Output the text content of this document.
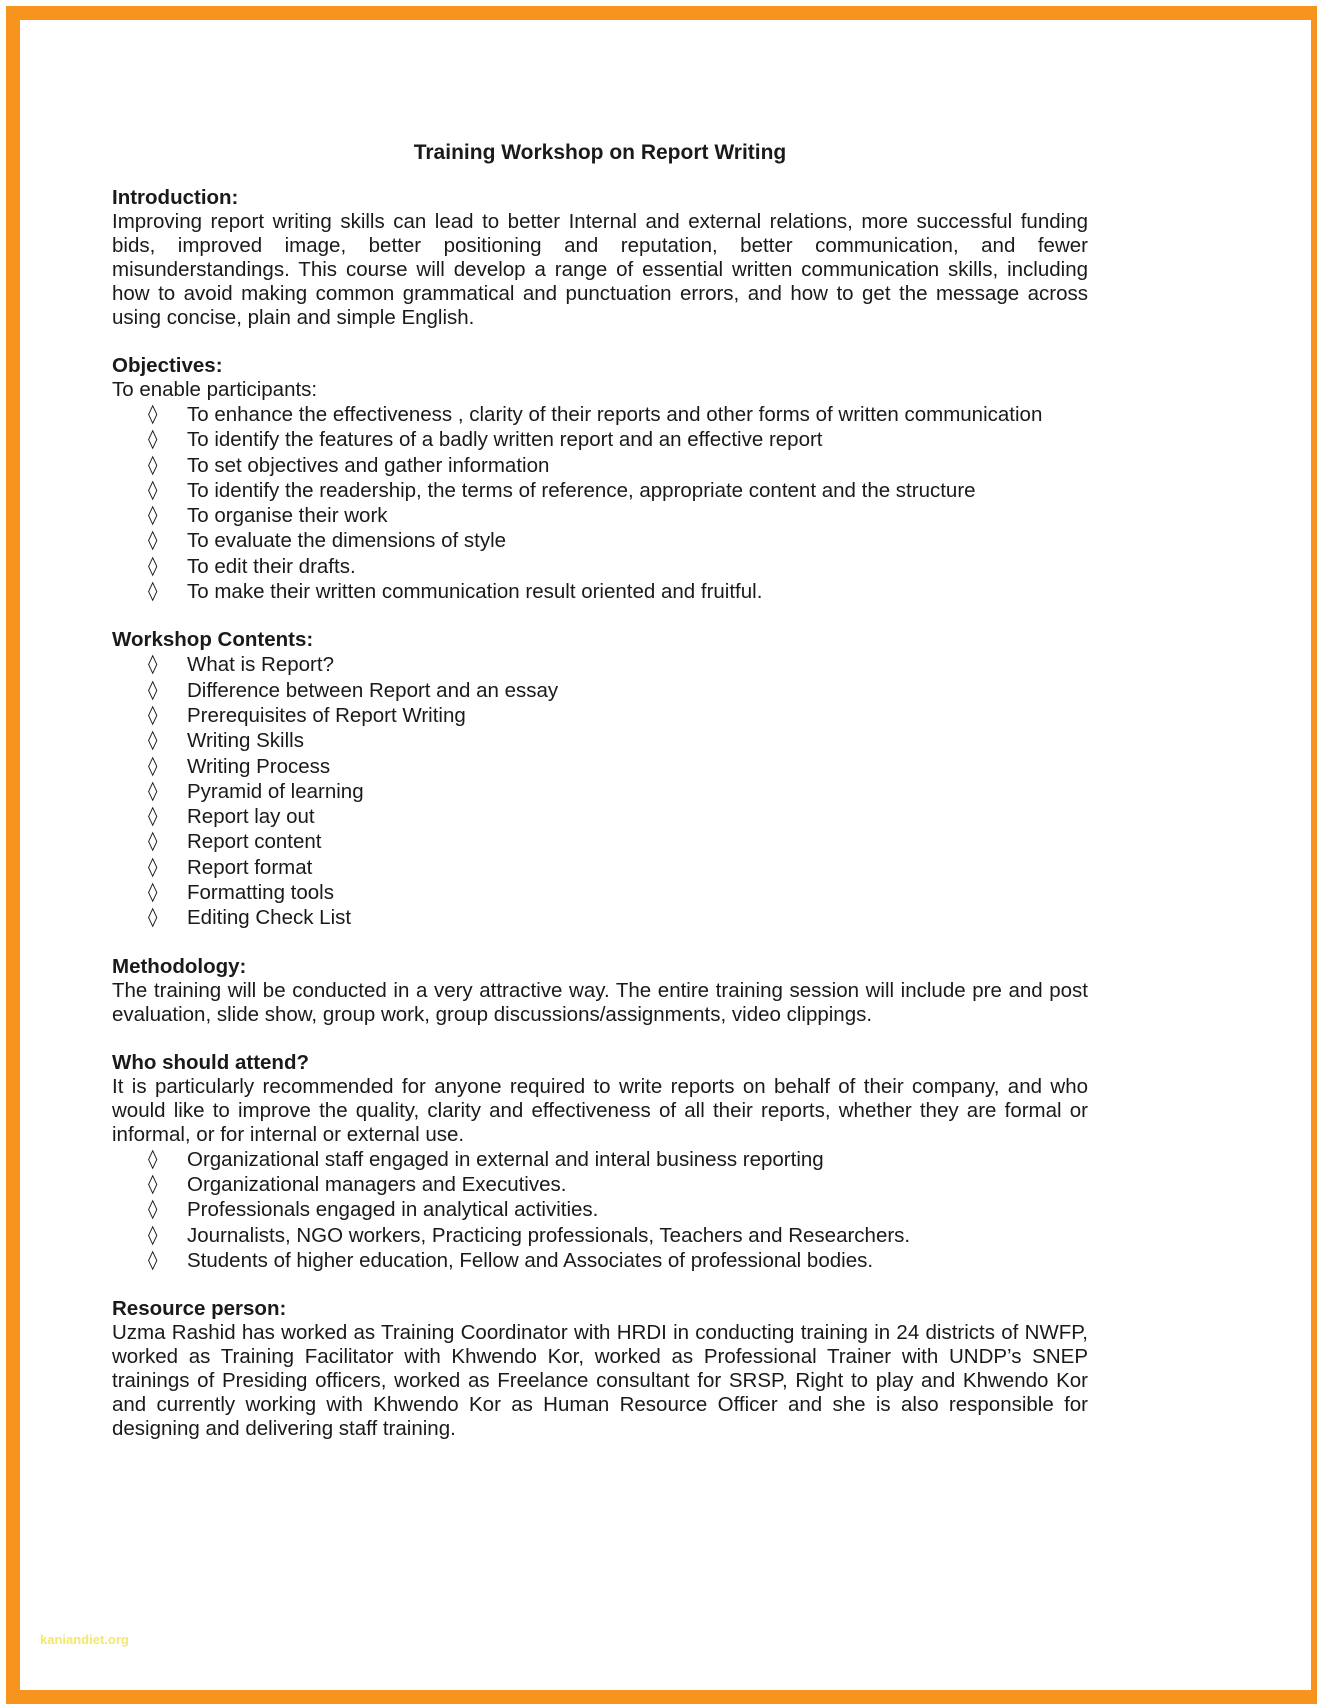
Training Workshop on Report Writing

Introduction:

Improving report writing skills can lead to better Internal and external relations, more successful funding bids, improved image, better positioning and reputation, better communication, and fewer misunderstandings. This course will develop a range of essential written communication skills, including how to avoid making common grammatical and punctuation errors, and how to get the message across using concise, plain and simple English.

Objectives:

To enable participants:

◊ To enhance the effectiveness , clarity of their reports and other forms of written communication
◊ To identify the features of a badly written report and an effective report
◊ To set objectives and gather information
◊ To identify the readership, the terms of reference, appropriate content and the structure
◊ To organise their work
◊ To evaluate the dimensions of style
◊ To edit their drafts.
◊ To make their written communication result oriented and fruitful.

Workshop Contents:

◊ What is Report?
◊ Difference between Report and an essay
◊ Prerequisites of Report Writing
◊ Writing Skills
◊ Writing Process
◊ Pyramid of learning
◊ Report lay out
◊ Report content
◊ Report format
◊ Formatting tools
◊ Editing Check List

Methodology:

The training will be conducted in a very attractive way. The entire training session will include pre and post evaluation, slide show, group work, group discussions/assignments, video clippings.

Who should attend?

It is particularly recommended for anyone required to write reports on behalf of their company, and who would like to improve the quality, clarity and effectiveness of all their reports, whether they are formal or informal, or for internal or external use.

◊ Organizational staff engaged in external and interal business reporting
◊ Organizational managers and Executives.
◊ Professionals engaged in analytical activities.
◊ Journalists, NGO workers, Practicing professionals, Teachers and Researchers.
◊ Students of higher education, Fellow and Associates of professional bodies.

Resource person:

Uzma Rashid has worked as Training Coordinator with HRDI in conducting training in 24 districts of NWFP, worked as Training Facilitator with Khwendo Kor, worked as Professional Trainer with UNDP’s SNEP trainings of Presiding officers, worked as Freelance consultant for SRSP, Right to play and Khwendo Kor and currently working with Khwendo Kor as Human Resource Officer and she is also responsible for designing and delivering staff training.

kaniandiet.org
